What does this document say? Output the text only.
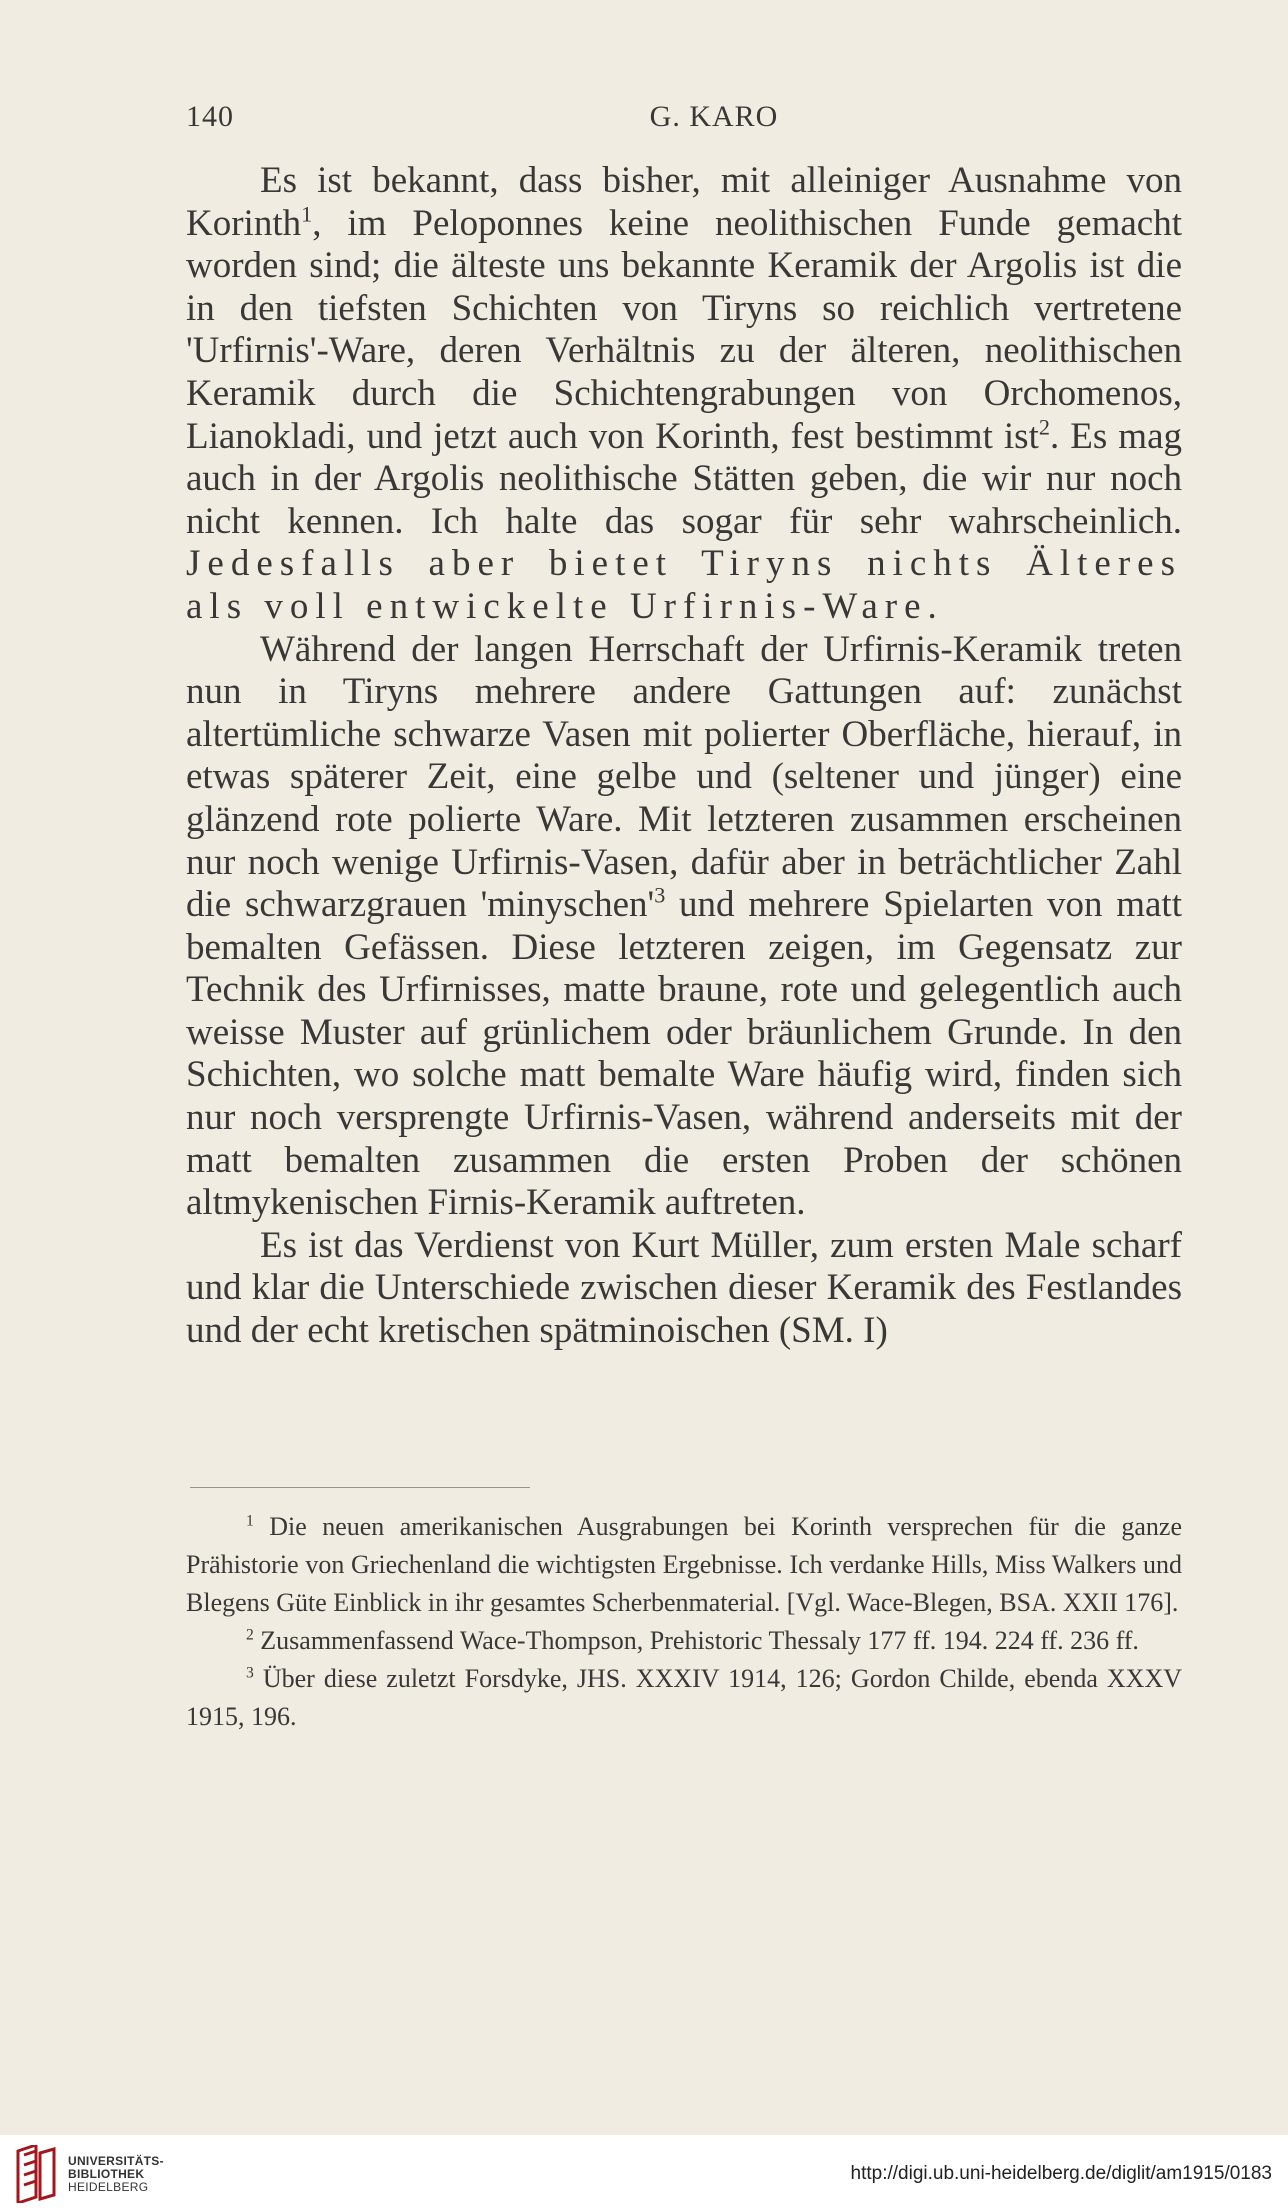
140	G. KARO

Es ist bekannt, dass bisher, mit alleiniger Ausnahme von Korinth$^1$, im Peloponnes keine neolithischen Funde gemacht worden sind; die älteste uns bekannte Keramik der Argolis ist die in den tiefsten Schichten von Tiryns so reichlich vertretene 'Urfirnis'-Ware, deren Verhältnis zu der älteren, neolithischen Keramik durch die Schichtengrabungen von Orchomenos, Lianokladi, und jetzt auch von Korinth, fest bestimmt ist$^2$. Es mag auch in der Argolis neolithische Stätten geben, die wir nur noch nicht kennen. Ich halte das sogar für sehr wahrscheinlich. Jedesfalls aber bietet Tiryns nichts Älteres als voll entwickelte Urfirnis-Ware.

Während der langen Herrschaft der Urfirnis-Keramik treten nun in Tiryns mehrere andere Gattungen auf: zunächst altertümliche schwarze Vasen mit polierter Oberfläche, hierauf, in etwas späterer Zeit, eine gelbe und (seltener und jünger) eine glänzend rote polierte Ware. Mit letzteren zusammen erscheinen nur noch wenige Urfirnis-Vasen, dafür aber in beträchtlicher Zahl die schwarzgrauen '$minyschen'^3$ und mehrere Spielarten von matt bemalten Gefässen. Diese letzteren zeigen, im Gegensatz zur Technik des Urfirnisses, matte braune, rote und gelegentlich auch weisse Muster auf grünlichem oder bräunlichem Grunde. In den Schichten, wo solche matt bemalte Ware häufig wird, finden sich nur noch versprengte Urfirnis-Vasen, während anderseits mit der matt bemalten zusammen die ersten Proben der schönen altmykenischen Firnis-Keramik auftreten.

Es ist das Verdienst von Kurt Müller, zum ersten Male scharf und klar die Unterschiede zwischen dieser Keramik des Festlandes und der echt kretischen spätminoischen (SM. I)

$^1$ Die neuen amerikanischen Ausgrabungen bei Korinth versprechen für die ganze Prähistorie von Griechenland die wichtigsten Ergebnisse. Ich verdanke Hills, Miss Walkers und Blegens Güte Einblick in ihr gesamtes Scherbenmaterial. [Vgl. Wace-Blegen, BSA. XXII 176].

$^2$ Zusammenfassend Wace-Thompson, Prehistoric Thessaly 177 ff. 194. 224 ff. 236 ff.

$^3$ Über diese zuletzt Forsdyke, JHS. XXXIV 1914, 126; Gordon Childe, ebenda XXXV 1915, 196.

UNIVERSITÄTS-
BIBLIOTHEK
HEIDELBERG
http://digi.ub.uni-heidelberg.de/diglit/am1915/0183
